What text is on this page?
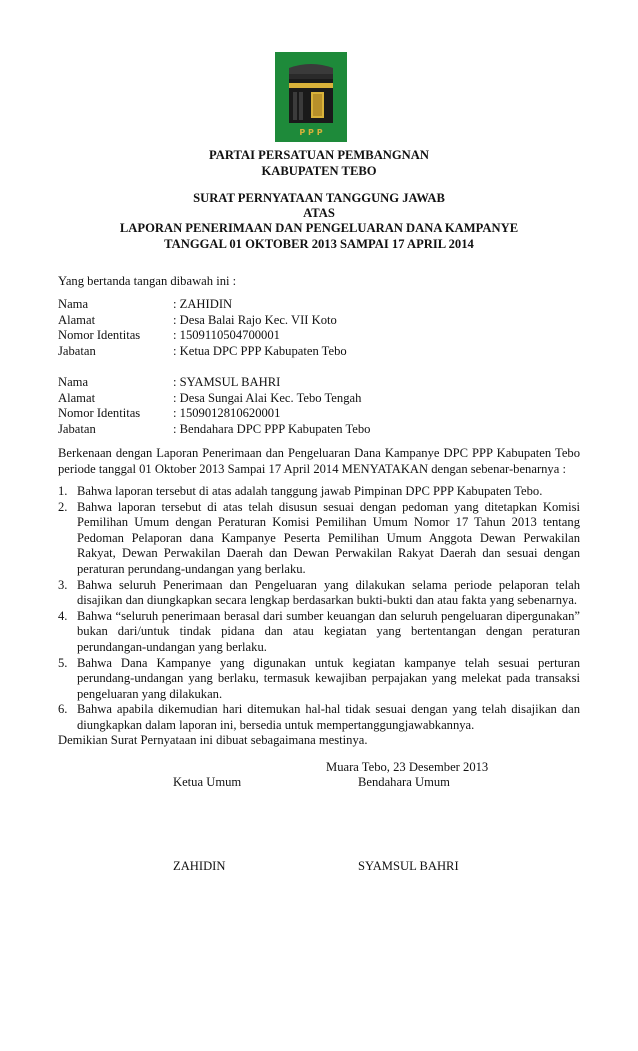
P P P
PARTAI PERSATUAN PEMBANGNAN
KABUPATEN TEBO
SURAT PERNYATAAN TANGGUNG JAWAB
ATAS
LAPORAN PENERIMAAN DAN PENGELUARAN DANA KAMPANYE
TANGGAL 01 OKTOBER 2013 SAMPAI 17 APRIL 2014
Yang bertanda tangan dibawah ini :
Nama	: ZAHIDIN
Alamat	: Desa Balai Rajo Kec. VII Koto
Nomor Identitas	: 1509110504700001
Jabatan	: Ketua DPC PPP Kabupaten Tebo
Nama	: SYAMSUL BAHRI
Alamat	: Desa Sungai Alai Kec. Tebo Tengah
Nomor Identitas	: 1509012810620001
Jabatan	: Bendahara DPC PPP Kabupaten Tebo
Berkenaan dengan Laporan Penerimaan dan Pengeluaran Dana Kampanye DPC PPP Kabupaten Tebo periode tanggal 01 Oktober 2013 Sampai 17 April 2014 MENYATAKAN dengan sebenar-benarnya :
1. Bahwa laporan tersebut di atas adalah tanggung jawab Pimpinan DPC PPP Kabupaten Tebo.
2. Bahwa laporan tersebut di atas telah disusun sesuai dengan pedoman yang ditetapkan Komisi Pemilihan Umum dengan Peraturan Komisi Pemilihan Umum Nomor 17 Tahun 2013 tentang Pedoman Pelaporan dana Kampanye Peserta Pemilihan Umum Anggota Dewan Perwakilan Rakyat, Dewan Perwakilan Daerah dan Dewan Perwakilan Rakyat Daerah dan sesuai dengan peraturan perundang-undangan yang berlaku.
3. Bahwa seluruh Penerimaan dan Pengeluaran yang dilakukan selama periode pelaporan telah disajikan dan diungkapkan secara lengkap berdasarkan bukti-bukti dan atau fakta yang sebenarnya.
4. Bahwa “seluruh penerimaan berasal dari sumber keuangan dan seluruh pengeluaran dipergunakan” bukan dari/untuk tindak pidana dan atau kegiatan yang bertentangan dengan peraturan perundangan-undangan yang berlaku.
5. Bahwa Dana Kampanye yang digunakan untuk kegiatan kampanye telah sesuai perturan perundang-undangan yang berlaku, termasuk kewajiban perpajakan yang melekat pada transaksi pengeluaran yang dilakukan.
6. Bahwa apabila dikemudian hari ditemukan hal-hal tidak sesuai dengan yang telah disajikan dan diungkapkan dalam laporan ini, bersedia untuk mempertanggungjawabkannya.
Demikian Surat Pernyataan ini dibuat sebagaimana mestinya.
Muara Tebo, 23 Desember 2013
Ketua Umum	Bendahara Umum
ZAHIDIN	SYAMSUL BAHRI
